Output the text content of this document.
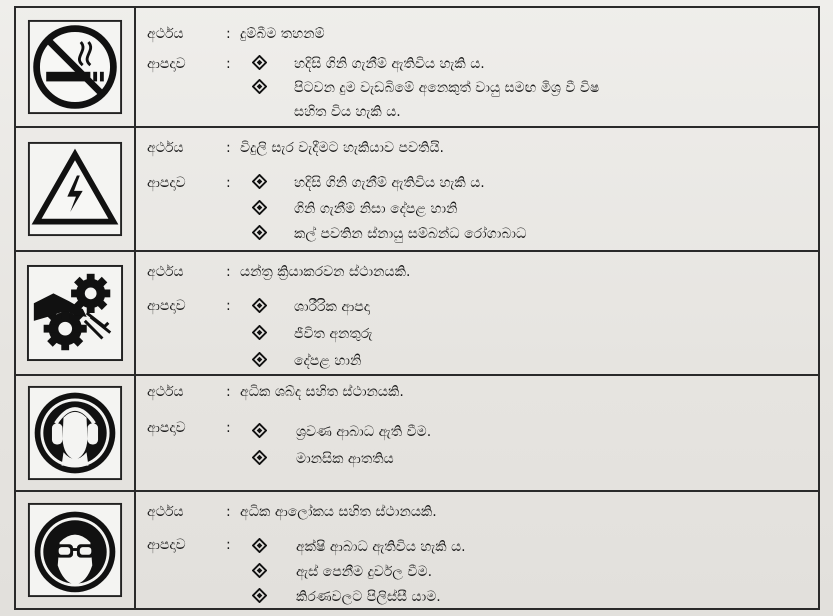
අර්ථය	: දුම්බීම තහනම්
ආපදාව	:	හදිසි ගිනි ගැනීම් ඇතිවිය හැකි ය.
පිටවන දුම වැඩබිමේ අනෙකුත් වායු සමඟ මිශ්‍ර වී විෂ
සහිත විය හැකි ය.
අර්ථය	: විදුලි සැර වැදීමට හැකියාව පවතියි.
ආපදාව	:	හදිසි ගිනි ගැනීම් ඇතිවිය හැකි ය.
ගිනි ගැනීම් නිසා දේපළ හානි
කල් පවතින ස්නායු සම්බන්ධ රෝගාබාධ
අර්ථය	: යන්ත්‍ර ක්‍රියාකරවන ස්ථානයකි.
ආපදාව	:	ශාරීරික ආපදා
ජීවිත අනතුරු
දේපළ හානි
අර්ථය	: අධික ශබ්ද සහිත ස්ථානයකි.
ආපදාව	:	ශ්‍රවණ ආබාධ ඇති වීම.
මානසික ආතතිය
අර්ථය	: අධික ආලෝකය සහිත ස්ථානයකි.
ආපදාව	:	අක්ෂි ආබාධ ඇතිවිය හැකි ය.
ඇස් පෙනීම දුර්වල වීම.
කිරණවලට පිලිස්සී යාම.
